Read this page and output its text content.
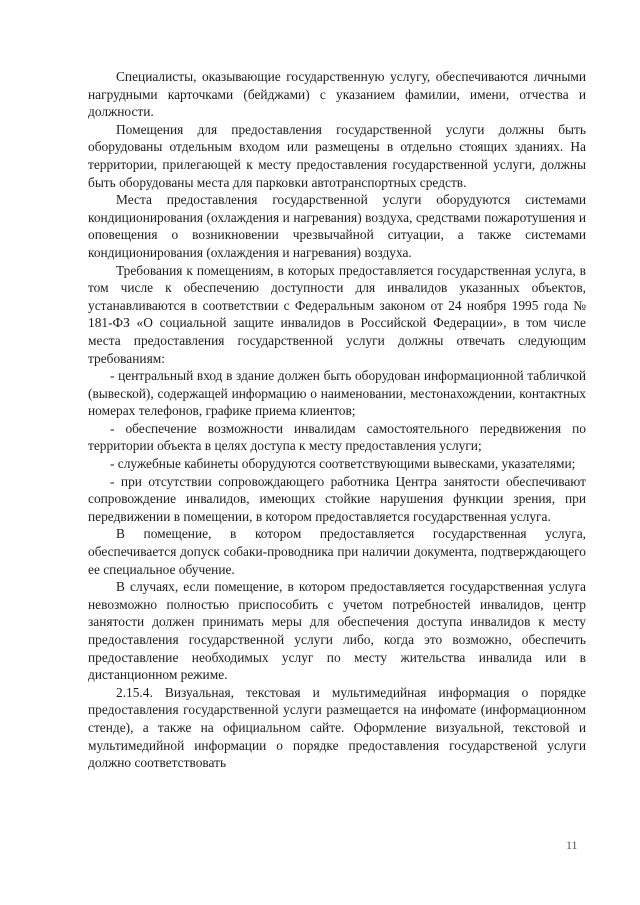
Специалисты, оказывающие государственную услугу, обеспечиваются личными нагрудными карточками (бейджами) с указанием фамилии, имени, отчества и должности.

Помещения для предоставления государственной услуги должны быть оборудованы отдельным входом или размещены в отдельно стоящих зданиях. На территории, прилегающей к месту предоставления государственной услуги, должны быть оборудованы места для парковки автотранспортных средств.

Места предоставления государственной услуги оборудуются системами кондиционирования (охлаждения и нагревания) воздуха, средствами пожаротушения и оповещения о возникновении чрезвычайной ситуации, а также системами кондиционирования (охлаждения и нагревания) воздуха.

Требования к помещениям, в которых предоставляется государственная услуга, в том числе к обеспечению доступности для инвалидов указанных объектов, устанавливаются в соответствии с Федеральным законом от 24 ноября 1995 года № 181-ФЗ «О социальной защите инвалидов в Российской Федерации», в том числе места предоставления государственной услуги должны отвечать следующим требованиям:

- центральный вход в здание должен быть оборудован информационной табличкой (вывеской), содержащей информацию о наименовании, местонахождении, контактных номерах телефонов, графике приема клиентов;

- обеспечение возможности инвалидам самостоятельного передвижения по территории объекта в целях доступа к месту предоставления услуги;

- служебные кабинеты оборудуются соответствующими вывесками, указателями;

- при отсутствии сопровождающего работника Центра занятости обеспечивают сопровождение инвалидов, имеющих стойкие нарушения функции зрения, при передвижении в помещении, в котором предоставляется государственная услуга.

В помещение, в котором предоставляется государственная услуга, обеспечивается допуск собаки-проводника при наличии документа, подтверждающего ее специальное обучение.

В случаях, если помещение, в котором предоставляется государственная услуга невозможно полностью приспособить с учетом потребностей инвалидов, центр занятости должен принимать меры для обеспечения доступа инвалидов к месту предоставления государственной услуги либо, когда это возможно, обеспечить предоставление необходимых услуг по месту жительства инвалида или в дистанционном режиме.

2.15.4. Визуальная, текстовая и мультимедийная информация о порядке предоставления государственной услуги размещается на инфомате (информационном стенде), а также на официальном сайте. Оформление визуальной, текстовой и мультимедийной информации о порядке предоставления государственой услуги должно соответствовать

11
